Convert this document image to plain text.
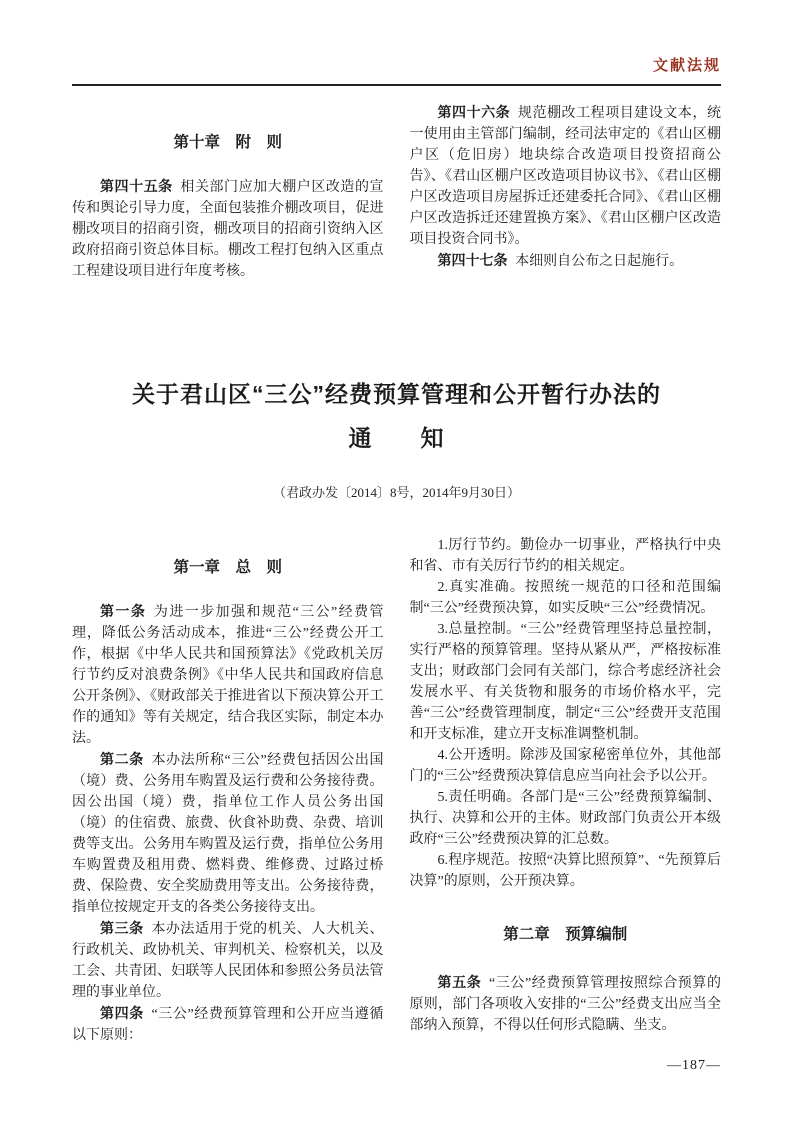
文献法规
第十章　附　则

第四十五条 相关部门应加大棚户区改造的宣传和舆论引导力度，全面包装推介棚改项目，促进棚改项目的招商引资，棚改项目的招商引资纳入区政府招商引资总体目标。棚改工程打包纳入区重点工程建设项目进行年度考核。

第四十六条 规范棚改工程项目建设文本，统一使用由主管部门编制，经司法审定的《君山区棚户区（危旧房）地块综合改造项目投资招商公告》、《君山区棚户区改造项目协议书》、《君山区棚户区改造项目房屋拆迁还建委托合同》、《君山区棚户区改造拆迁还建置换方案》、《君山区棚户区改造项目投资合同书》。

第四十七条 本细则自公布之日起施行。

关于君山区“三公”经费预算管理和公开暂行办法的
通　　知

（君政办发〔2014〕8号，2014年9月30日）

第一章　总　则

第一条 为进一步加强和规范“三公”经费管理，降低公务活动成本，推进“三公”经费公开工作，根据《中华人民共和国预算法》《党政机关厉行节约反对浪费条例》《中华人民共和国政府信息公开条例》、《财政部关于推进省以下预决算公开工作的通知》等有关规定，结合我区实际，制定本办法。

第二条 本办法所称“三公”经费包括因公出国（境）费、公务用车购置及运行费和公务接待费。因公出国（境）费，指单位工作人员公务出国（境）的住宿费、旅费、伙食补助费、杂费、培训费等支出。公务用车购置及运行费，指单位公务用车购置费及租用费、燃料费、维修费、过路过桥费、保险费、安全奖励费用等支出。公务接待费，指单位按规定开支的各类公务接待支出。

第三条 本办法适用于党的机关、人大机关、行政机关、政协机关、审判机关、检察机关，以及工会、共青团、妇联等人民团体和参照公务员法管理的事业单位。

第四条 “三公”经费预算管理和公开应当遵循以下原则：

1.厉行节约。勤俭办一切事业，严格执行中央和省、市有关厉行节约的相关规定。

2.真实准确。按照统一规范的口径和范围编制“三公”经费预决算，如实反映“三公”经费情况。

3.总量控制。“三公”经费管理坚持总量控制，实行严格的预算管理。坚持从紧从严，严格按标准支出；财政部门会同有关部门，综合考虑经济社会发展水平、有关货物和服务的市场价格水平，完善“三公”经费管理制度，制定“三公”经费开支范围和开支标准，建立开支标准调整机制。

4.公开透明。除涉及国家秘密单位外，其他部门的“三公”经费预决算信息应当向社会予以公开。

5.责任明确。各部门是“三公”经费预算编制、执行、决算和公开的主体。财政部门负责公开本级政府“三公”经费预决算的汇总数。

6.程序规范。按照“决算比照预算”、“先预算后决算”的原则，公开预决算。

第二章　预算编制

第五条 “三公”经费预算管理按照综合预算的原则，部门各项收入安排的“三公”经费支出应当全部纳入预算，不得以任何形式隐瞒、坐支。

—187—
